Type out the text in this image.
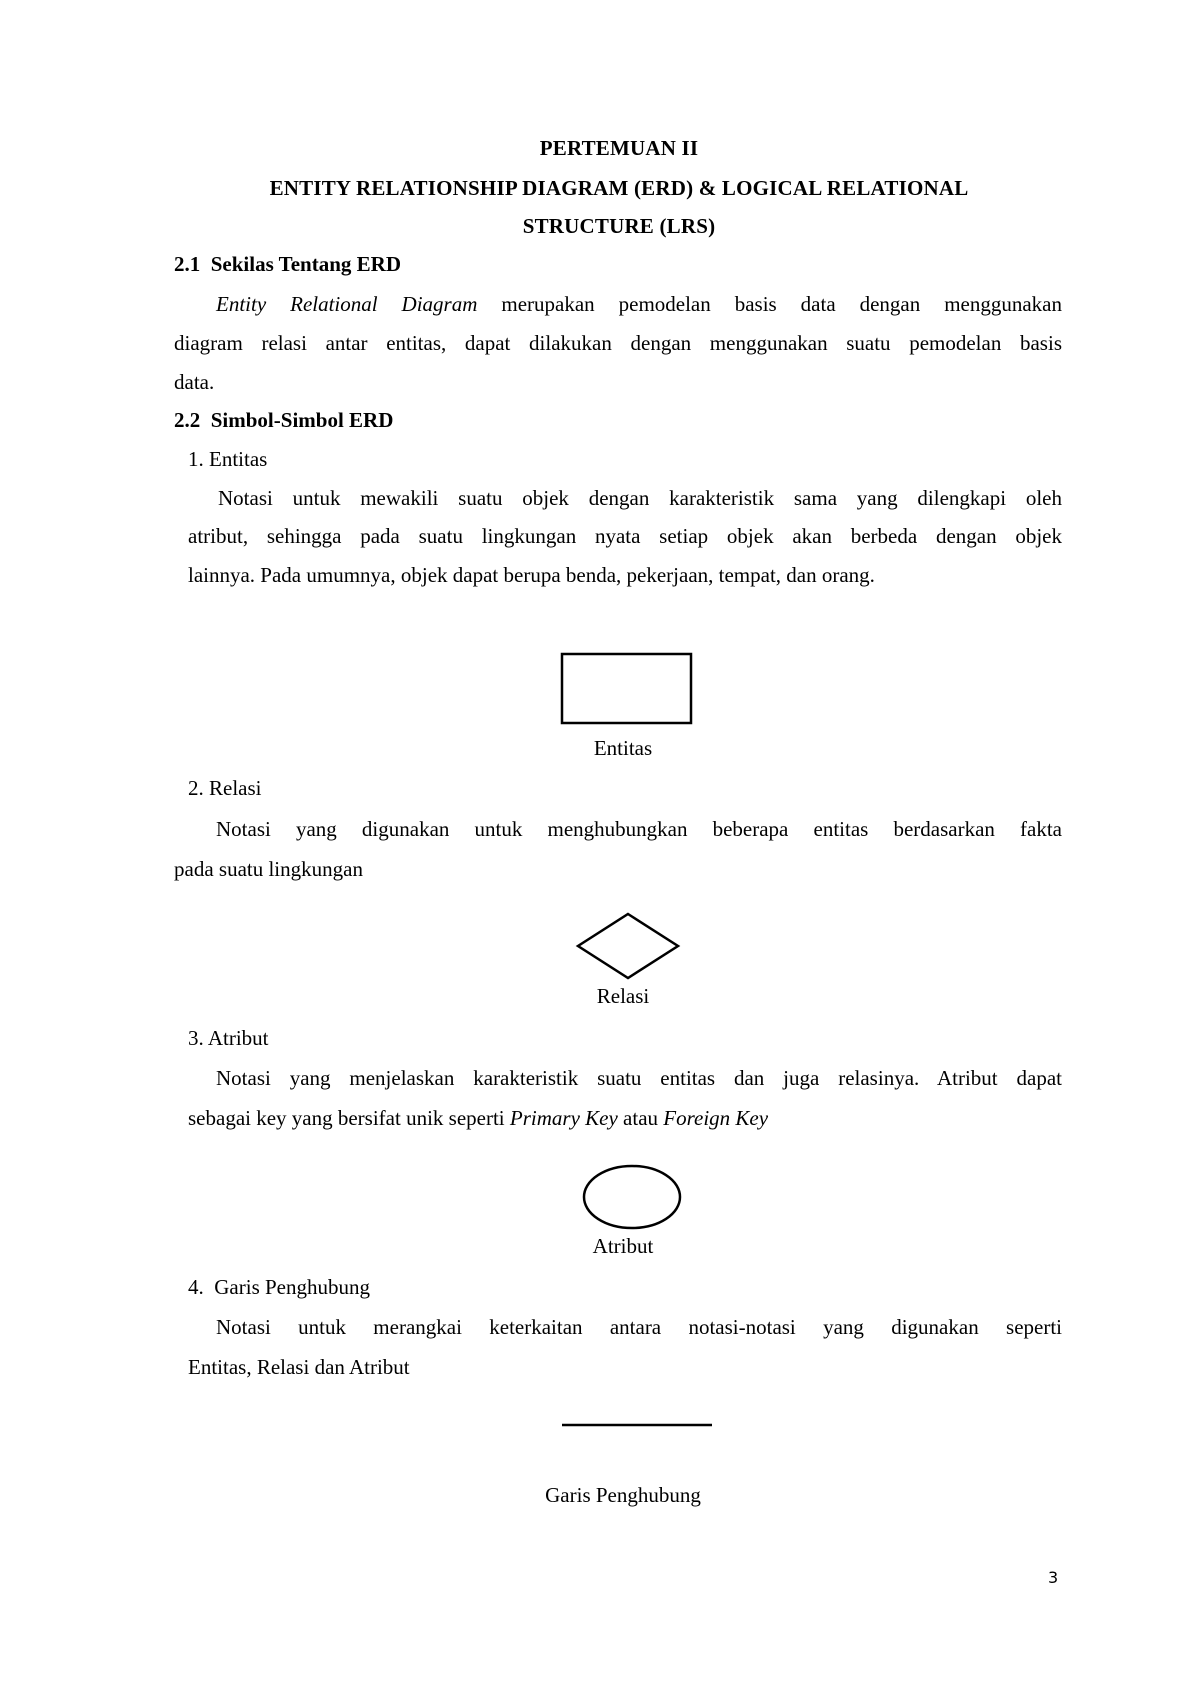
PERTEMUAN II
ENTITY RELATIONSHIP DIAGRAM (ERD) & LOGICAL RELATIONAL
STRUCTURE (LRS)
2.1  Sekilas Tentang ERD
Entity Relational Diagram merupakan pemodelan basis data dengan menggunakan
diagram relasi antar entitas, dapat dilakukan dengan menggunakan suatu pemodelan basis
data.
2.2  Simbol-Simbol ERD
1. Entitas
Notasi untuk mewakili suatu objek dengan karakteristik sama yang dilengkapi oleh
atribut, sehingga pada suatu lingkungan nyata setiap objek akan berbeda dengan objek
lainnya. Pada umumnya, objek dapat berupa benda, pekerjaan, tempat, dan orang.
Entitas
2. Relasi
Notasi yang digunakan untuk menghubungkan beberapa entitas berdasarkan fakta
pada suatu lingkungan
Relasi
3. Atribut
Notasi yang menjelaskan karakteristik suatu entitas dan juga relasinya. Atribut dapat
sebagai key yang bersifat unik seperti Primary Key atau Foreign Key
Atribut
4.  Garis Penghubung
Notasi untuk merangkai keterkaitan antara notasi-notasi yang digunakan seperti
Entitas, Relasi dan Atribut
Garis Penghubung
3
